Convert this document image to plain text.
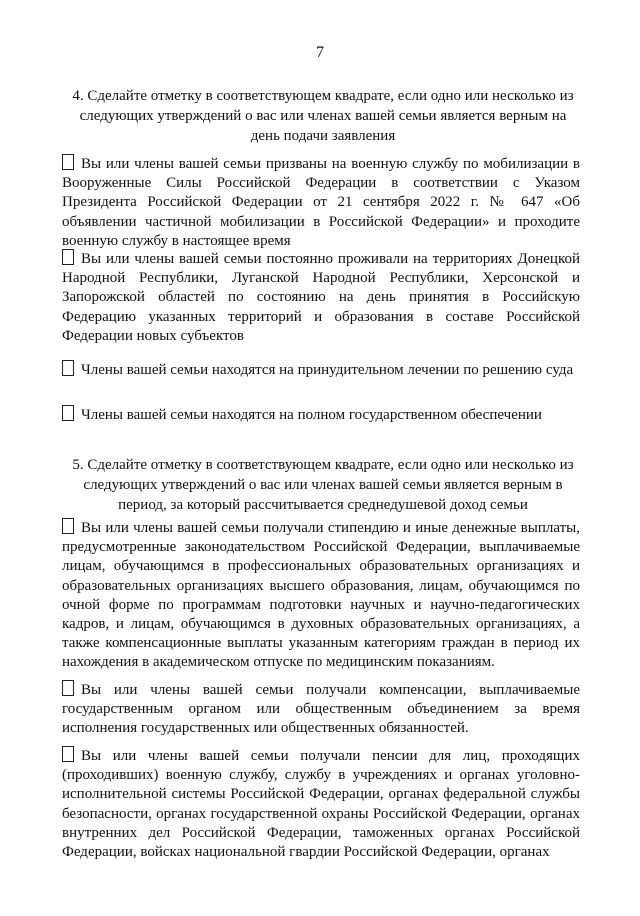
7
4. Сделайте отметку в соответствующем квадрате, если одно или несколько из следующих утверждений о вас или членах вашей семьи является верным на день подачи заявления
Вы или члены вашей семьи призваны на военную службу по мобилизации в Вооруженные Силы Российской Федерации в соответствии с Указом Президента Российской Федерации от 21 сентября 2022 г. № 647 «Об объявлении частичной мобилизации в Российской Федерации» и проходите военную службу в настоящее время
Вы или члены вашей семьи постоянно проживали на территориях Донецкой Народной Республики, Луганской Народной Республики, Херсонской и Запорожской областей по состоянию на день принятия в Российскую Федерацию указанных территорий и образования в составе Российской Федерации новых субъектов
Члены вашей семьи находятся на принудительном лечении по решению суда
Члены вашей семьи находятся на полном государственном обеспечении
5. Сделайте отметку в соответствующем квадрате, если одно или несколько из следующих утверждений о вас или членах вашей семьи является верным в период, за который рассчитывается среднедушевой доход семьи
Вы или члены вашей семьи получали стипендию и иные денежные выплаты, предусмотренные законодательством Российской Федерации, выплачиваемые лицам, обучающимся в профессиональных образовательных организациях и образовательных организациях высшего образования, лицам, обучающимся по очной форме по программам подготовки научных и научно-педагогических кадров, и лицам, обучающимся в духовных образовательных организациях, а также компенсационные выплаты указанным категориям граждан в период их нахождения в академическом отпуске по медицинским показаниям.
Вы или члены вашей семьи получали компенсации, выплачиваемые государственным органом или общественным объединением за время исполнения государственных или общественных обязанностей.
Вы или члены вашей семьи получали пенсии для лиц, проходящих (проходивших) военную службу, службу в учреждениях и органах уголовно-исполнительной системы Российской Федерации, органах федеральной службы безопасности, органах государственной охраны Российской Федерации, органах внутренних дел Российской Федерации, таможенных органах Российской Федерации, войсках национальной гвардии Российской Федерации, органах
